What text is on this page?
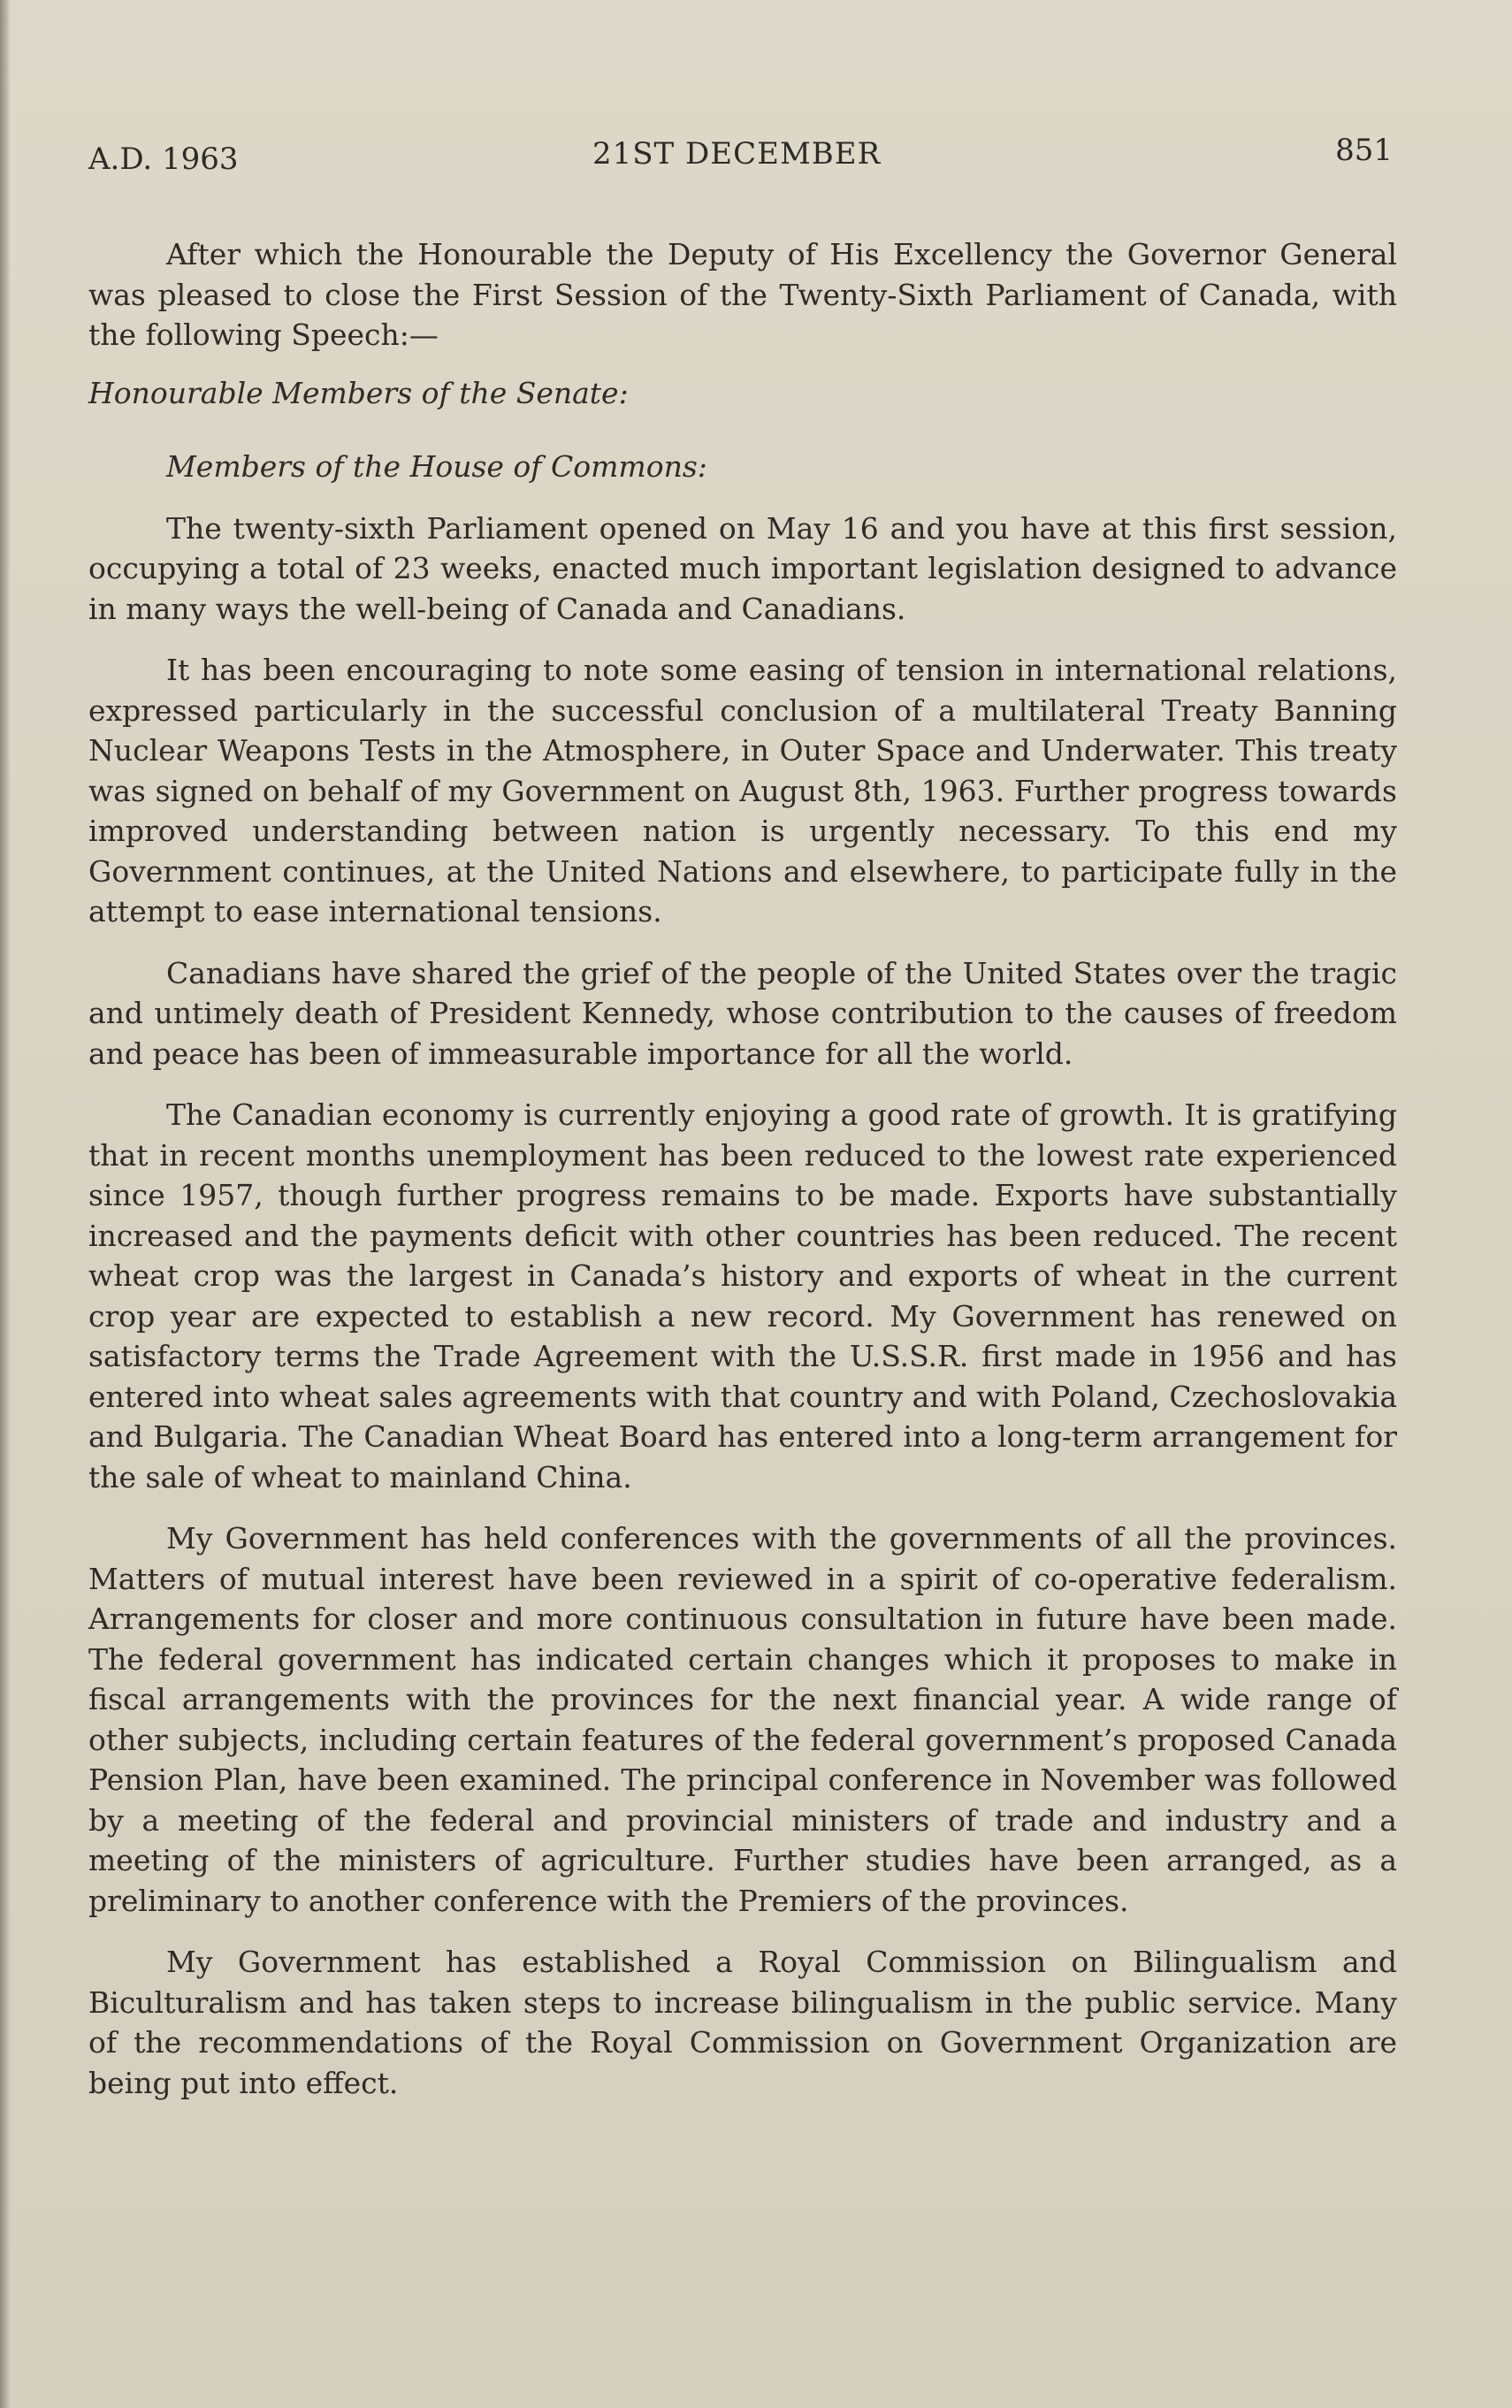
A.D. 1963	21ST DECEMBER	851

After which the Honourable the Deputy of His Excellency the Governor General was pleased to close the First Session of the Twenty-Sixth Parliament of Canada, with the following Speech:—

Honourable Members of the Senate:

Members of the House of Commons:

The twenty-sixth Parliament opened on May 16 and you have at this first session, occupying a total of 23 weeks, enacted much important legislation designed to advance in many ways the well-being of Canada and Canadians.

It has been encouraging to note some easing of tension in international relations, expressed particularly in the successful conclusion of a multilateral Treaty Banning Nuclear Weapons Tests in the Atmosphere, in Outer Space and Underwater. This treaty was signed on behalf of my Government on August 8th, 1963. Further progress towards improved understanding between nation is urgently necessary. To this end my Government continues, at the United Nations and elsewhere, to participate fully in the attempt to ease international tensions.

Canadians have shared the grief of the people of the United States over the tragic and untimely death of President Kennedy, whose contribution to the causes of freedom and peace has been of immeasurable importance for all the world.

The Canadian economy is currently enjoying a good rate of growth. It is gratifying that in recent months unemployment has been reduced to the lowest rate experienced since 1957, though further progress remains to be made. Exports have substantially increased and the payments deficit with other countries has been reduced. The recent wheat crop was the largest in Canada’s history and exports of wheat in the current crop year are expected to establish a new record. My Government has renewed on satisfactory terms the Trade Agreement with the U.S.S.R. first made in 1956 and has entered into wheat sales agreements with that country and with Poland, Czechoslovakia and Bulgaria. The Canadian Wheat Board has entered into a long-term arrangement for the sale of wheat to mainland China.

My Government has held conferences with the governments of all the provinces. Matters of mutual interest have been reviewed in a spirit of co-operative federalism. Arrangements for closer and more continuous consultation in future have been made. The federal government has indicated certain changes which it proposes to make in fiscal arrangements with the provinces for the next financial year. A wide range of other subjects, including certain features of the federal government’s proposed Canada Pension Plan, have been examined. The principal conference in November was followed by a meeting of the federal and provincial ministers of trade and industry and a meeting of the ministers of agriculture. Further studies have been arranged, as a preliminary to another conference with the Premiers of the provinces.

My Government has established a Royal Commission on Bilingualism and Biculturalism and has taken steps to increase bilingualism in the public service. Many of the recommendations of the Royal Commission on Government Organization are being put into effect.
